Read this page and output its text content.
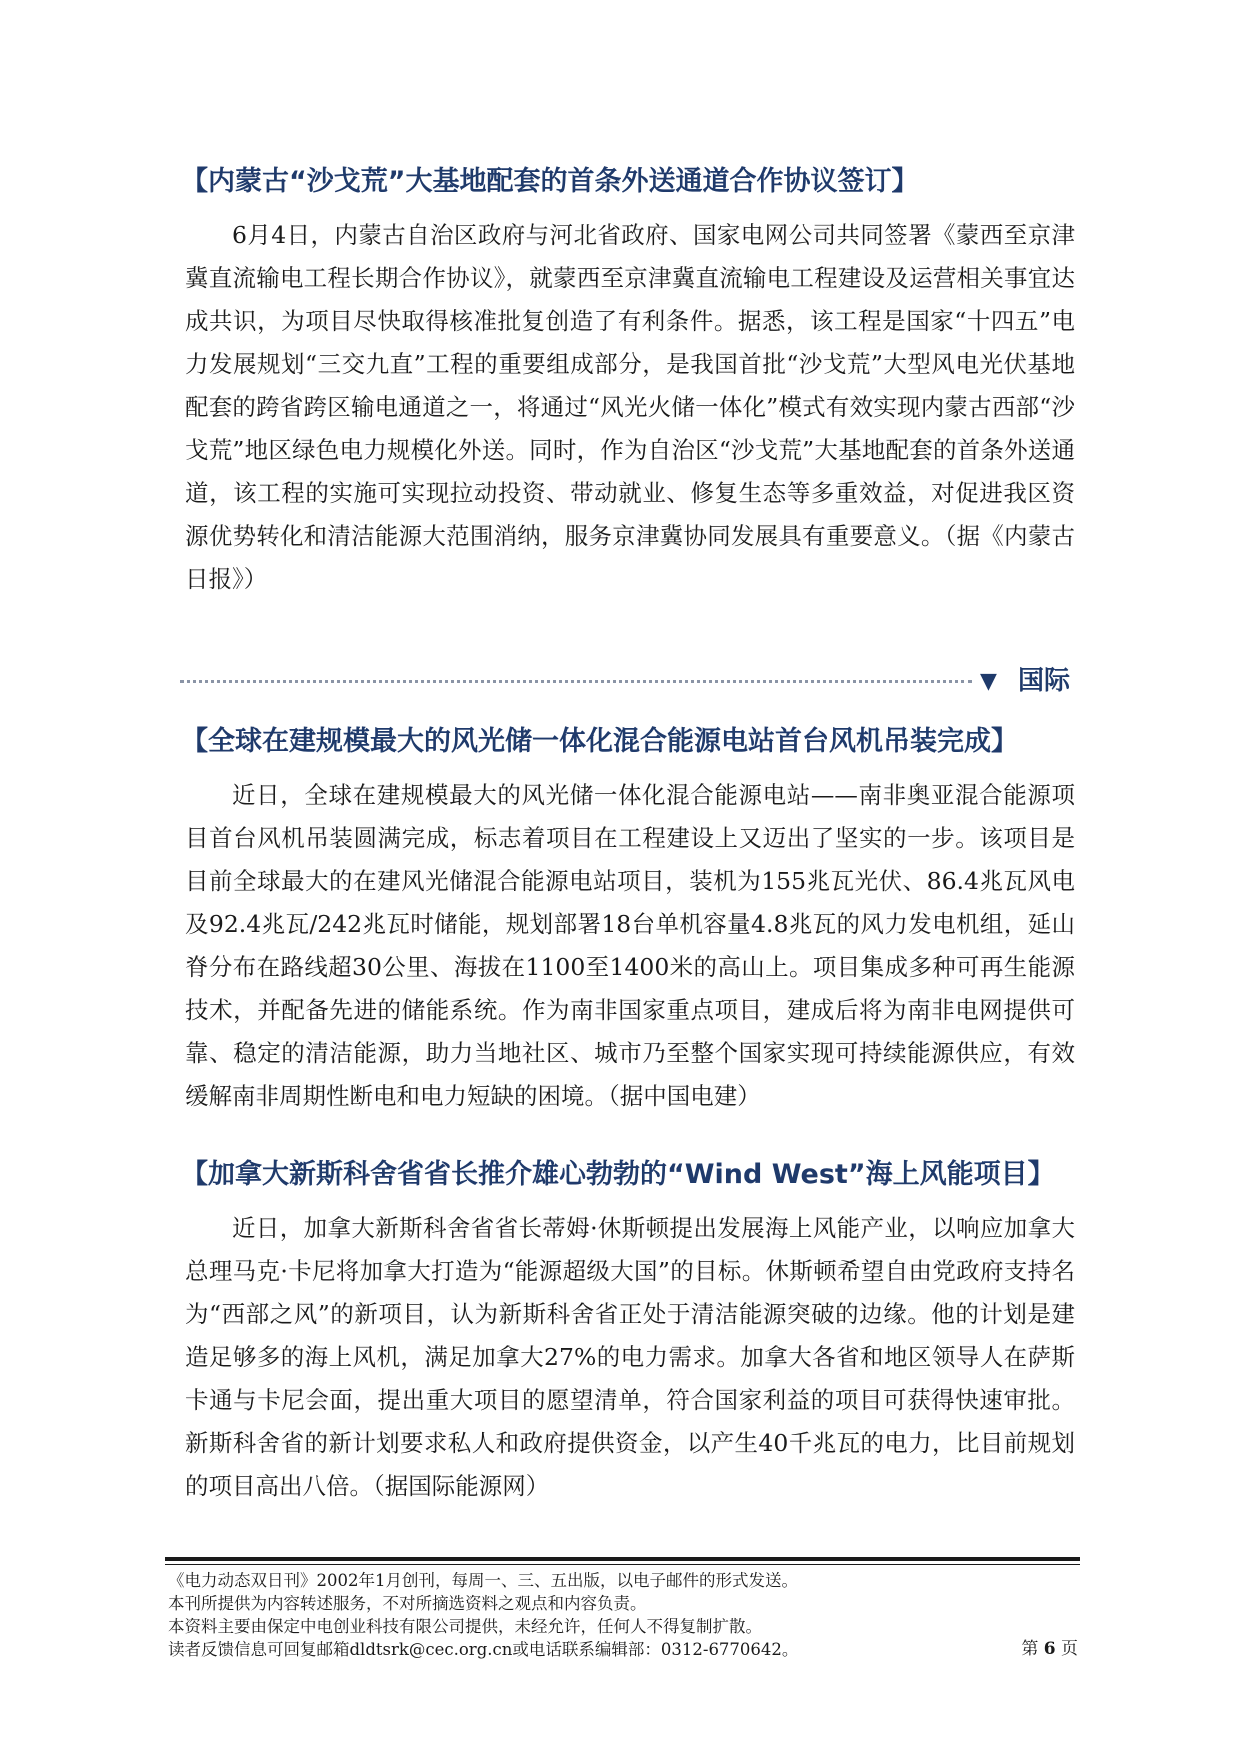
【内蒙古“沙戈荒”大基地配套的首条外送通道合作协议签订】

6月4日，内蒙古自治区政府与河北省政府、国家电网公司共同签署《蒙西至京津冀直流输电工程长期合作协议》，就蒙西至京津冀直流输电工程建设及运营相关事宜达成共识，为项目尽快取得核准批复创造了有利条件。据悉，该工程是国家“十四五”电力发展规划“三交九直”工程的重要组成部分，是我国首批“沙戈荒”大型风电光伏基地配套的跨省跨区输电通道之一，将通过“风光火储一体化”模式有效实现内蒙古西部“沙戈荒”地区绿色电力规模化外送。同时，作为自治区“沙戈荒”大基地配套的首条外送通道，该工程的实施可实现拉动投资、带动就业、修复生态等多重效益，对促进我区资源优势转化和清洁能源大范围消纳，服务京津冀协同发展具有重要意义。（据《内蒙古日报》）

▼ 国际
【全球在建规模最大的风光储一体化混合能源电站首台风机吊装完成】

近日，全球在建规模最大的风光储一体化混合能源电站——南非奥亚混合能源项目首台风机吊装圆满完成，标志着项目在工程建设上又迈出了坚实的一步。该项目是目前全球最大的在建风光储混合能源电站项目，装机为155兆瓦光伏、86.4兆瓦风电及92.4兆瓦/242兆瓦时储能，规划部署18台单机容量4.8兆瓦的风力发电机组，延山脊分布在路线超30公里、海拔在1100至1400米的高山上。项目集成多种可再生能源技术，并配备先进的储能系统。作为南非国家重点项目，建成后将为南非电网提供可靠、稳定的清洁能源，助力当地社区、城市乃至整个国家实现可持续能源供应，有效缓解南非周期性断电和电力短缺的困境。（据中国电建）

【加拿大新斯科舍省省长推介雄心勃勃的“Wind West”海上风能项目】

近日，加拿大新斯科舍省省长蒂姆·休斯顿提出发展海上风能产业，以响应加拿大总理马克·卡尼将加拿大打造为“能源超级大国”的目标。休斯顿希望自由党政府支持名为“西部之风”的新项目，认为新斯科舍省正处于清洁能源突破的边缘。他的计划是建造足够多的海上风机，满足加拿大27%的电力需求。加拿大各省和地区领导人在萨斯卡通与卡尼会面，提出重大项目的愿望清单，符合国家利益的项目可获得快速审批。新斯科舍省的新计划要求私人和政府提供资金，以产生40千兆瓦的电力，比目前规划的项目高出八倍。（据国际能源网）

《电力动态双日刊》2002年1月创刊，每周一、三、五出版，以电子邮件的形式发送。
本刊所提供为内容转述服务，不对所摘选资料之观点和内容负责。
本资料主要由保定中电创业科技有限公司提供，未经允许，任何人不得复制扩散。
读者反馈信息可回复邮箱dldtsrk@cec.org.cn或电话联系编辑部：0312-6770642。	第 6 页
